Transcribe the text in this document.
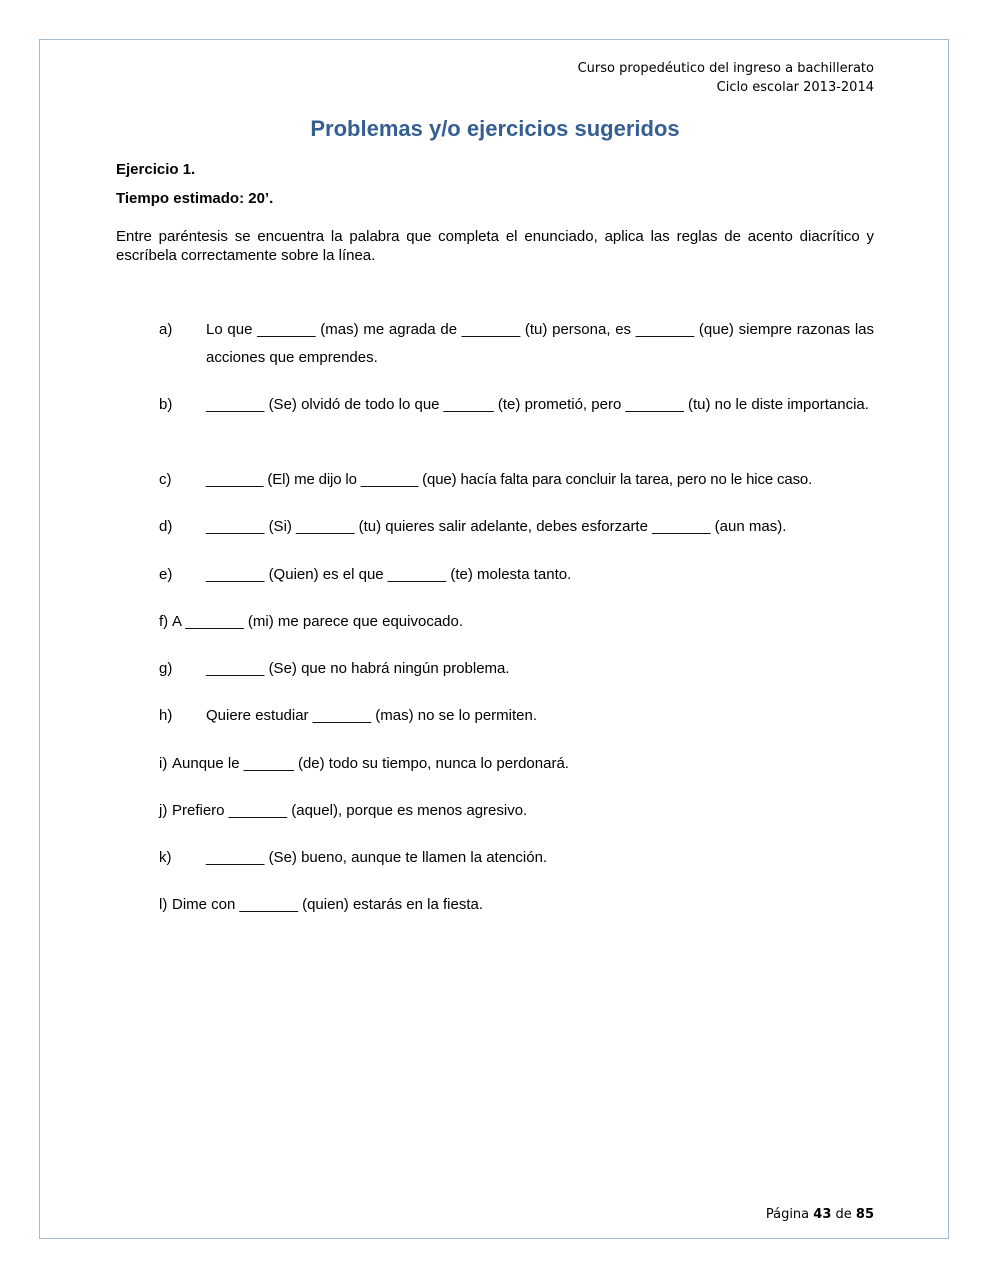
Curso propedéutico del ingreso a bachillerato
Ciclo escolar 2013-2014
Problemas y/o ejercicios sugeridos
Ejercicio 1.
Tiempo estimado: 20’.
Entre paréntesis se encuentra la palabra que completa el enunciado, aplica las reglas de acento diacrítico y escríbela correctamente sobre la línea.
a) Lo que _______ (mas) me agrada de _______ (tu) persona, es _______ (que) siempre razonas las acciones que emprendes.
b) _______ (Se) olvidó de todo lo que ______ (te) prometió, pero _______ (tu) no le diste importancia.
c) _______ (El) me dijo lo _______ (que) hacía falta para concluir la tarea, pero no le hice caso.
d) _______ (Si) _______ (tu) quieres salir adelante, debes esforzarte _______ (aun mas).
e) _______ (Quien) es el que _______ (te) molesta tanto.
f) A _______ (mi) me parece que equivocado.
g) _______ (Se) que no habrá ningún problema.
h) Quiere estudiar _______ (mas) no se lo permiten.
i) Aunque le ______ (de) todo su tiempo, nunca lo perdonará.
j) Prefiero _______ (aquel), porque es menos agresivo.
k) _______ (Se) bueno, aunque te llamen la atención.
l) Dime con _______ (quien) estarás en la fiesta.
Página 43 de 85
